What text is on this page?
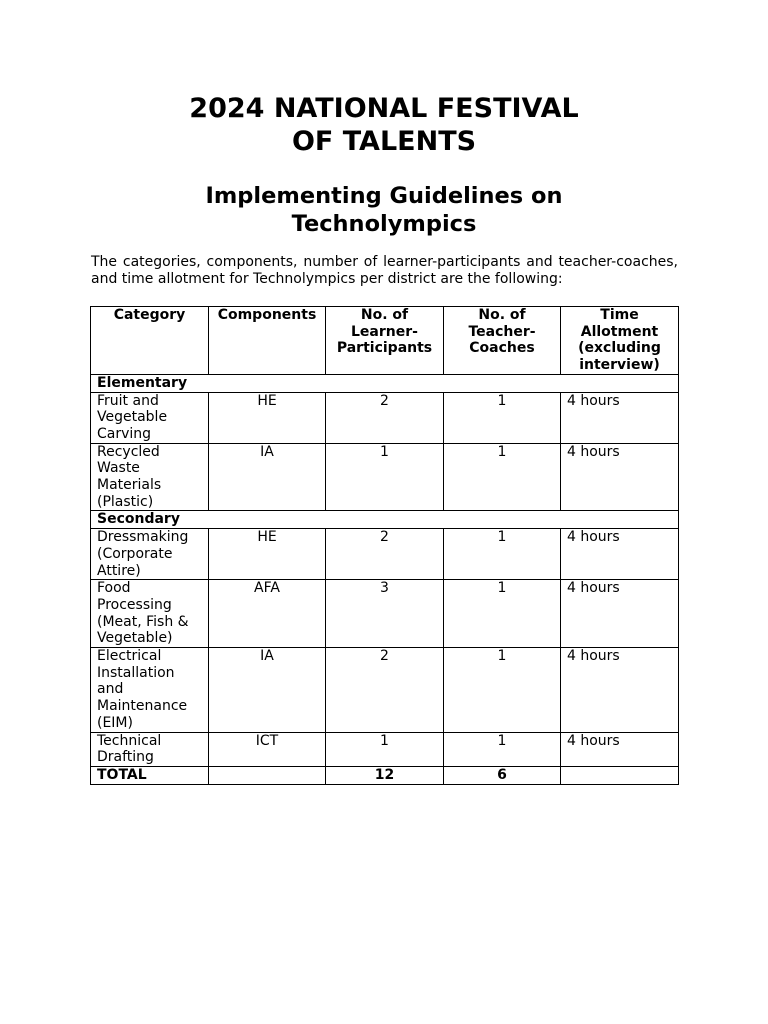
2024 NATIONAL FESTIVAL
OF TALENTS
Implementing Guidelines on
Technolympics

The categories, components, number of learner-participants and teacher-coaches, and time allotment for Technolympics per district are the following:

Category	Components	No. of Learner-Participants	No. of Teacher-Coaches	Time Allotment (excluding interview)
Elementary				
Fruit and Vegetable Carving	HE	2	1	4 hours
Recycled Waste Materials (Plastic)	IA	1	1	4 hours
Secondary				
Dressmaking (Corporate Attire)	HE	2	1	4 hours
Food Processing (Meat, Fish & Vegetable)	AFA	3	1	4 hours
Electrical Installation and Maintenance (EIM)	IA	2	1	4 hours
Technical Drafting	ICT	1	1	4 hours
TOTAL		12	6	
